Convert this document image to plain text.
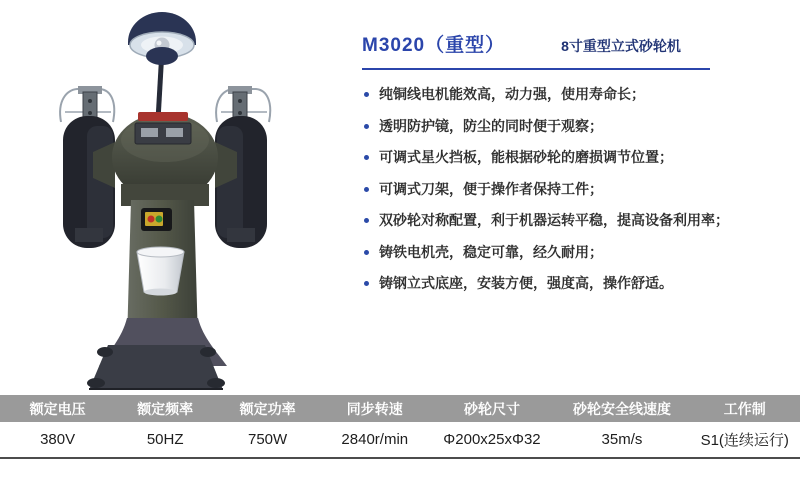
M3020（重型）	8寸重型立式砂轮机
纯铜线电机能效高，动力强，使用寿命长；
透明防护镜，防尘的同时便于观察；
可调式星火挡板，能根据砂轮的磨损调节位置；
可调式刀架，便于操作者保持工件；
双砂轮对称配置，利于机器运转平稳，提高设备利用率；
铸铁电机壳，稳定可靠，经久耐用；
铸钢立式底座，安装方便，强度高，操作舒适。
额定电压	额定频率	额定功率	同步转速	砂轮尺寸	砂轮安全线速度	工作制
380V	50HZ	750W	2840r/min	Φ200x25xΦ32	35m/s	S1(连续运行)
